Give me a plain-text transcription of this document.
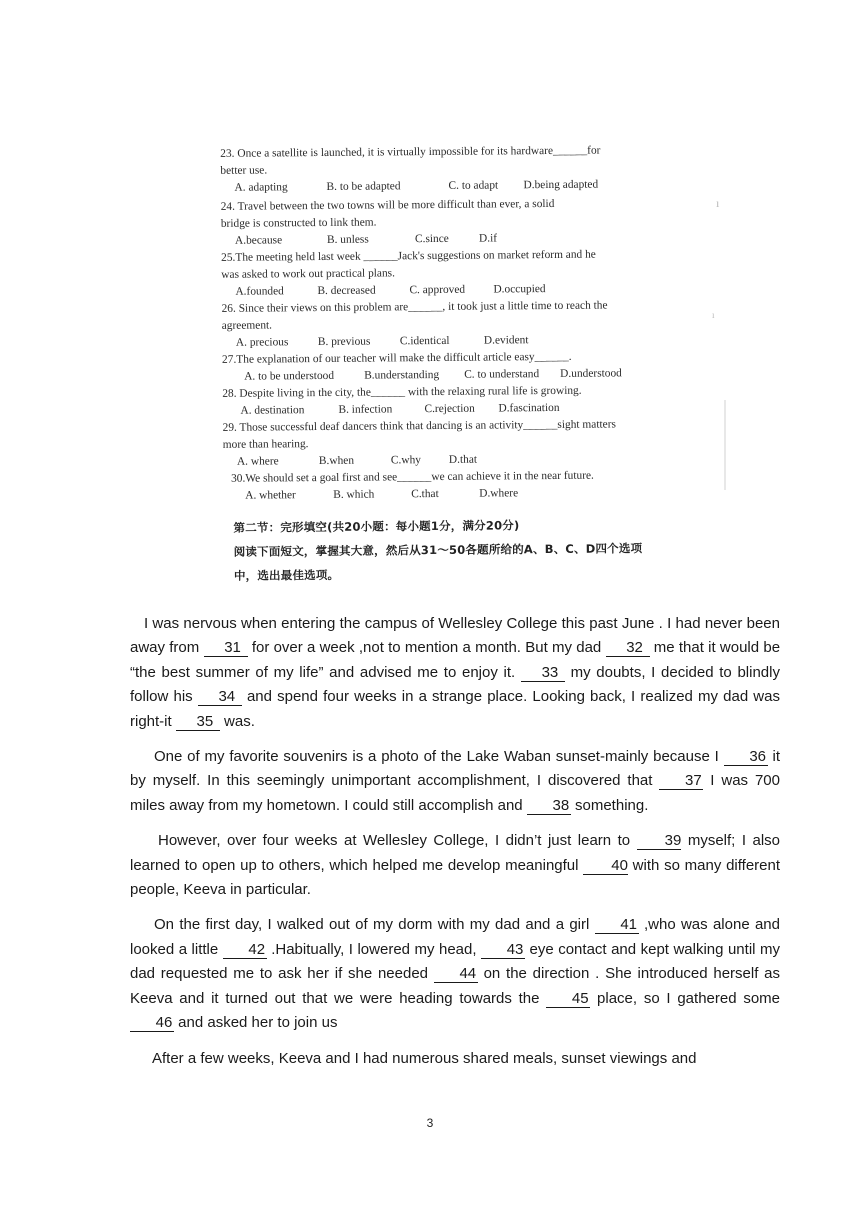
23. Once a satellite is launched, it is virtually impossible for its hardware______for
better use.
A. adapting	B. to be adapted	C. to adapt	D.being adapted
24. Travel between the two towns will be more difficult than ever, a solid
bridge is constructed to link them.
A.because	B. unless	C.since	D.if
25.The meeting held last week ______Jack's suggestions on market reform and he
was asked to work out practical plans.
A.founded	B. decreased	C. approved	D.occupied
26. Since their views on this problem are______, it took just a little time to reach the
agreement.
A. precious	B. previous	C.identical	D.evident
27.The explanation of our teacher will make the difficult article easy______.
A. to be understood	B.understanding	C. to understand	D.understood
28. Despite living in the city, the______ with the relaxing rural life is growing.
A. destination	B. infection	C.rejection	D.fascination
29. Those successful deaf dancers think that dancing is an activity______sight matters
more than hearing.
A. where	B.when	C.why	D.that
30.We should set a goal first and see______we can achieve it in the near future.
A. whether	B. which	C.that	D.where
第二节：完形填空(共20小题：每小题1分，满分20分)
阅读下面短文，掌握其大意，然后从31～50各题所给的A、B、C、D四个选项
中，选出最佳选项。
ı
ı

I was nervous when entering the campus of Wellesley College this past June . I had never been away from 31 for over a week ,not to mention a month. But my dad 32 me that it would be “the best summer of my life” and advised me to enjoy it. 33 my doubts, I decided to blindly follow his 34 and spend four weeks in a strange place. Looking back, I realized my dad was right-it 35 was.

One of my favorite souvenirs is a photo of the Lake Waban sunset-mainly because I 36 it by myself. In this seemingly unimportant accomplishment, I discovered that 37 I was 700 miles away from my hometown. I could still accomplish and 38 something.

However, over four weeks at Wellesley College, I didn’t just learn to 39 myself; I also learned to open up to others, which helped me develop meaningful 40 with so many different people, Keeva in particular.

On the first day, I walked out of my dorm with my dad and a girl 41 ,who was alone and looked a little 42 .Habitually, I lowered my head, 43 eye contact and kept walking until my dad requested me to ask her if she needed 44 on the direction . She introduced herself as Keeva and it turned out that we were heading towards the 45 place, so I gathered some 46 and asked her to join us

After a few weeks, Keeva and I had numerous shared meals, sunset viewings and

3
